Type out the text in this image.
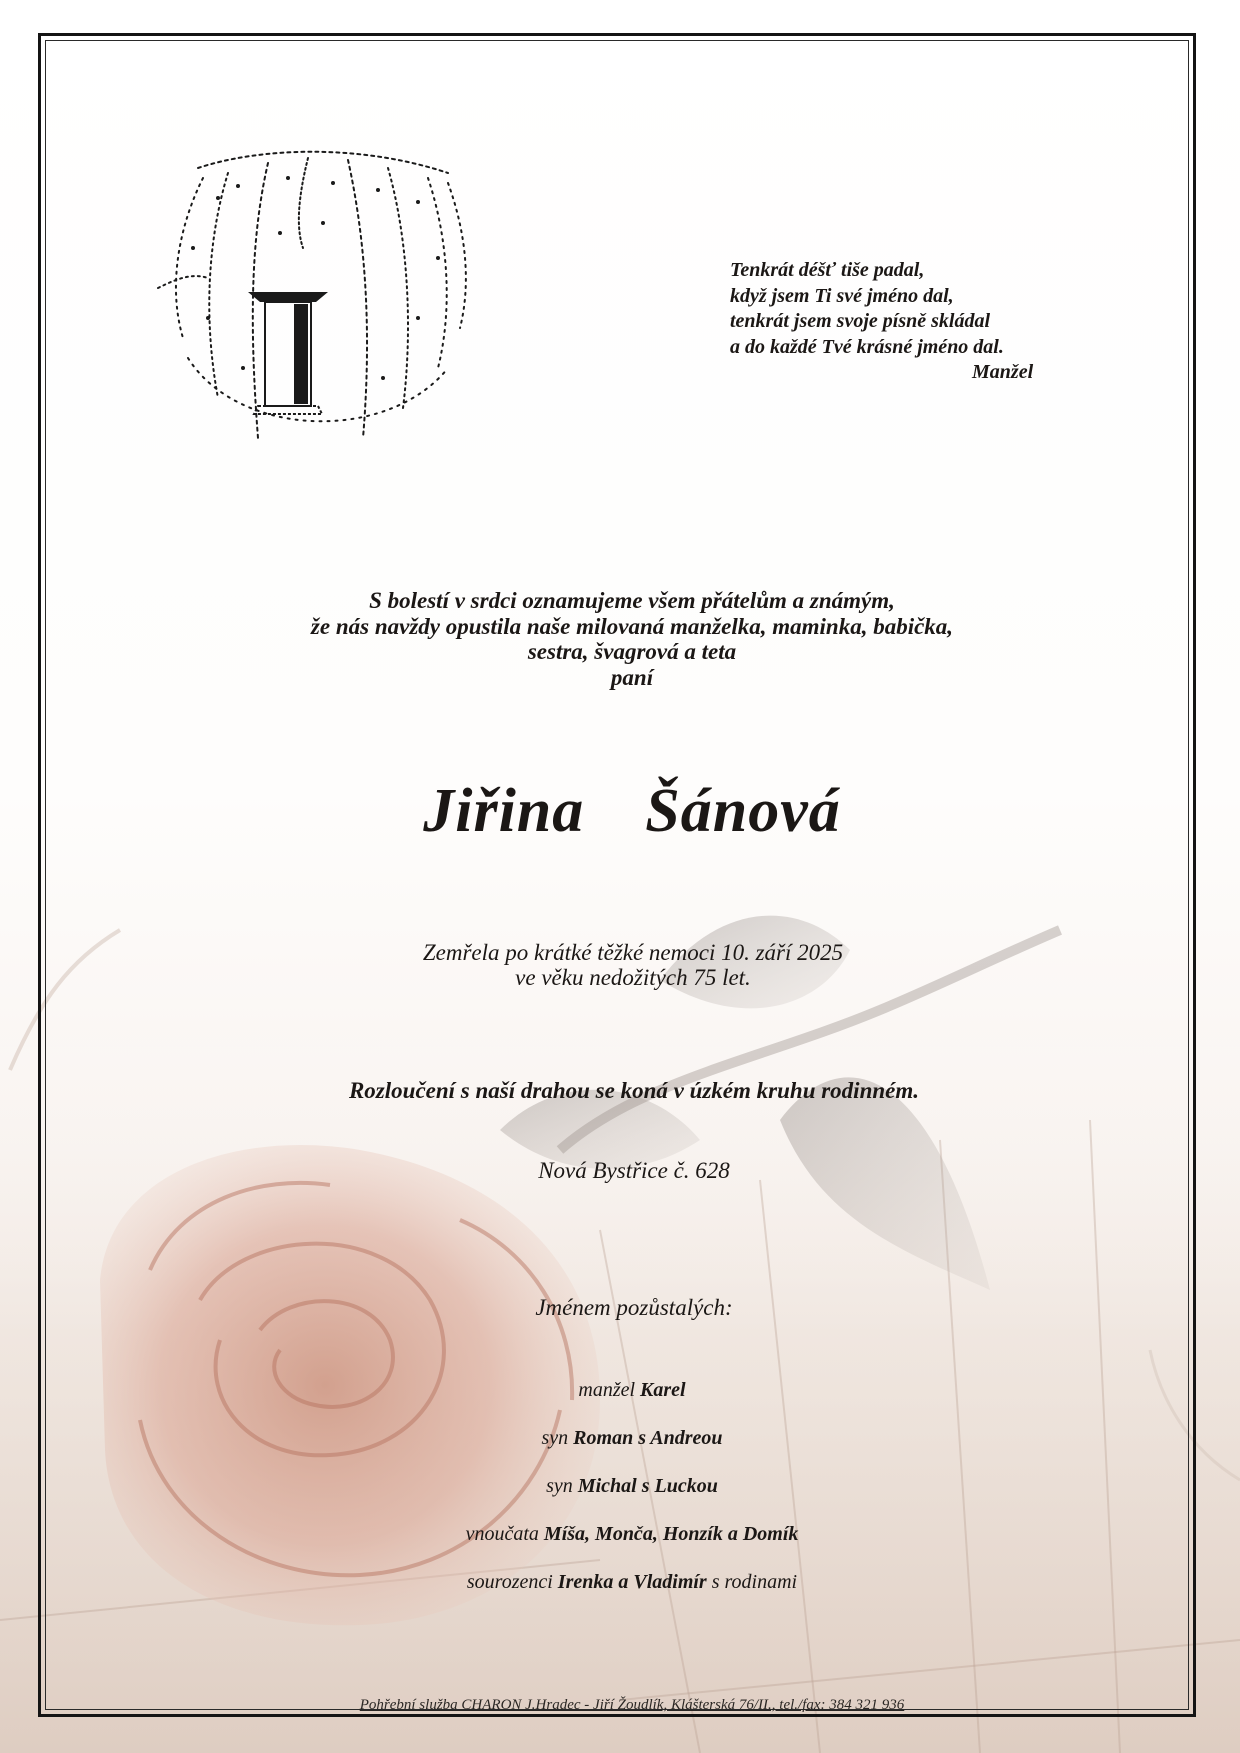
Tenkrát déšť tiše padal,
když jsem Ti své jméno dal,
tenkrát jsem svoje písně skládal
a do každé Tvé krásné jméno dal.
Manžel
S bolestí v srdci oznamujeme všem přátelům a známým,
že nás navždy opustila naše milovaná manželka, maminka, babička,
sestra, švagrová a teta
paní
Jiřina  Šánová
Zemřela po krátké těžké nemoci 10. září 2025
ve věku nedožitých 75 let.
Rozloučení s naší drahou se koná v úzkém kruhu rodinném.
Nová Bystřice č. 628
Jménem pozůstalých:
manžel Karel
syn Roman s Andreou
syn Michal s Luckou
vnoučata Míša, Monča, Honzík a Domík
sourozenci Irenka a Vladimír s rodinami
Pohřební služba CHARON J.Hradec - Jiří Žoudlík, Klášterská 76/II., tel./fax: 384 321 936
